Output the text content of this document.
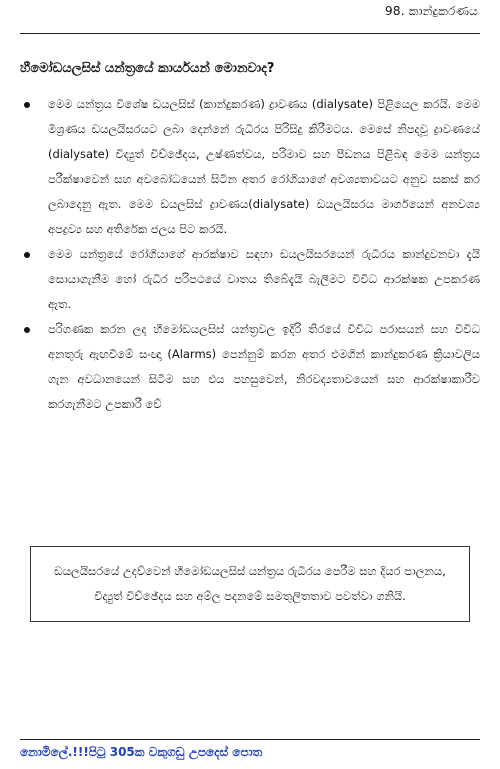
98. කාන්දුකරණය
හීමෝඩයලසිස් යන්ත්‍රයේ කාර්යයන් මොනවාද?
මෙම යන්ත්‍රය විශේෂ ඩයලසිස් (කාන්දුකරණ) ද්‍රාවණය (dialysate) පිළියෙල කරයි. මෙම මිශ්‍රණය ඩයලයිසරයට ලබා දෙන්නේ රුධිරය පිරිසිදු කිරීමටය. මෙසේ නිපදවූ ද්‍රාවණයේ (dialysate) විද්‍යුත් විච්ඡේදය, උෂ්ණත්වය, පරිමාව සහ පීඩනය පිළිබඳ මෙම යන්ත්‍රය පරීක්ෂාවෙන් සහ අවබෝධයෙන් සිටින අතර රෝගියාගේ අවශ්‍යතාවයට අනුව සකස් කර ලබාදෙනු ඇත. මෙම ඩයලසිස් ද්‍රාවණය(dialysate) ඩයලයිසරය මාර්ගයෙන් අනවශ්‍ය අපද්‍රව්‍ය සහ අතිරේක ජලය පිට කරයි.
මෙම යන්ත්‍රයේ රෝගියාගේ ආරක්ෂාව සඳහා ඩයලයිසරයෙන් රුධිරය කාන්දුවනවා දැයි සොයාගැනීම හෝ රුධිර පරිපථයේ වාතය තිබේදැයි බැලීමට විවිධ ආරක්ෂක උපකරණ ඇත.
පරිගණක කරන ලද හීමෝඩයලසිස් යන්ත්‍රවල ඉදිරි තිරයේ විවිධ පරාසයන් සහ විවිධ අනතුරු ඇඟවීමේ සංඥා (Alarms) පෙන්නුම් කරන අතර එමගින් කාන්දුකරණ ක්‍රියාවලිය ගැන අවධානයෙන් සිටීම සහ එය පහසුවෙන්, නිරවද්‍යතාවයෙන් සහ ආරක්ෂාකාරීව කරගැනීමට උපකාරී වේ
ඩයලයිසරයේ උදව්වෙන් හීමෝඩයලසිස් යන්ත්‍රය රුධිරය පෙරීම සහ දියර පාලනය, විද්‍යුත් විච්ඡේදය සහ අම්ල පදනමේ සමතුලිතතාව පවත්වා ගනියි.
නොමිලේ.!!!පිටු 305ක වකුගඩු උපදෙස් පොත
